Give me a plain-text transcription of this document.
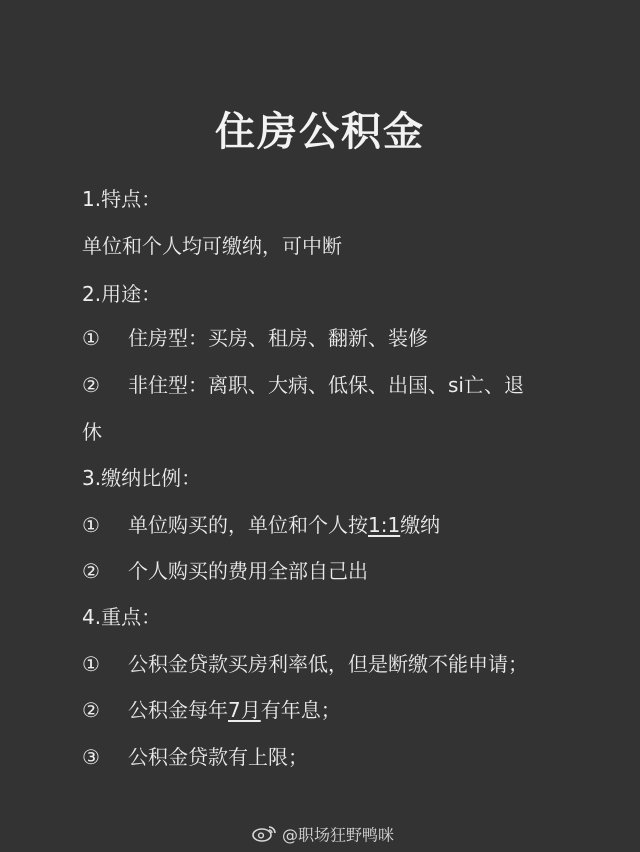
住房公积金
1.特点：
单位和个人均可缴纳，可中断
2.用途：
① 住房型：买房、租房、翻新、装修
② 非住型：离职、大病、低保、出国、si亡、退
休
3.缴纳比例：
① 单位购买的，单位和个人按1:1缴纳
② 个人购买的费用全部自己出
4.重点：
① 公积金贷款买房利率低，但是断缴不能申请；
② 公积金每年7月有年息；
③ 公积金贷款有上限；
@职场狂野鸭咪
